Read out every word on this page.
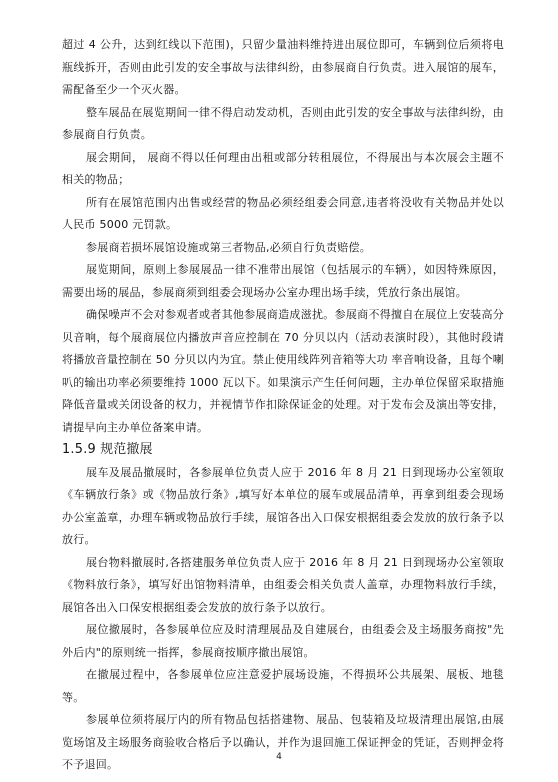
超过 4 公升，达到红线以下范围)，只留少量油料维持进出展位即可，车辆到位后须将电瓶线拆开，否则由此引发的安全事故与法律纠纷，由参展商自行负责。进入展馆的展车，需配备至少一个灭火器。

整车展品在展览期间一律不得启动发动机，否则由此引发的安全事故与法律纠纷，由参展商自行负责。

展会期间， 展商不得以任何理由出租或部分转租展位，不得展出与本次展会主题不相关的物品；

所有在展馆范围内出售或经营的物品必须经组委会同意,违者将没收有关物品并处以人民币 5000 元罚款。

参展商若损坏展馆设施或第三者物品,必须自行负责赔偿。

展览期间，原则上参展展品一律不准带出展馆（包括展示的车辆），如因特殊原因，需要出场的展品，参展商须到组委会现场办公室办理出场手续，凭放行条出展馆。

确保噪声不会对参观者或者其他参展商造成滋扰。参展商不得擅自在展位上安装高分贝音响，每个展商展位内播放声音应控制在 70 分贝以内（活动表演时段），其他时段请将播放音量控制在 50 分贝以内为宜。禁止使用线阵列音箱等大功 率音响设备，且每个喇叭的输出功率必须要维持 1000 瓦以下。如果演示产生任何问题，主办单位保留采取措施降低音量或关闭设备的权力，并视情节作扣除保证金的处理。对于发布会及演出等安排，请提早向主办单位备案申请。

1.5.9 规范撤展

展车及展品撤展时，各参展单位负责人应于 2016 年 8 月 21 日到现场办公室领取《车辆放行条》或《物品放行条》,填写好本单位的展车或展品清单，再拿到组委会现场办公室盖章，办理车辆或物品放行手续，展馆各出入口保安根据组委会发放的放行条予以放行。

展台物料撤展时,各搭建服务单位负责人应于 2016 年 8 月 21 日到现场办公室领取《物料放行条》，填写好出馆物料清单，由组委会相关负责人盖章，办理物料放行手续，展馆各出入口保安根据组委会发放的放行条予以放行。

展位撤展时，各参展单位应及时清理展品及自建展台，由组委会及主场服务商按"先外后内"的原则统一指挥，参展商按顺序撤出展馆。

在撤展过程中，各参展单位应注意爱护展场设施，不得损坏公共展架、展板、地毯等。

参展单位须将展厅内的所有物品包括搭建物、展品、包装箱及垃圾清理出展馆,由展览场馆及主场服务商验收合格后予以确认，并作为退回施工保证押金的凭证，否则押金将不予退回。

4
